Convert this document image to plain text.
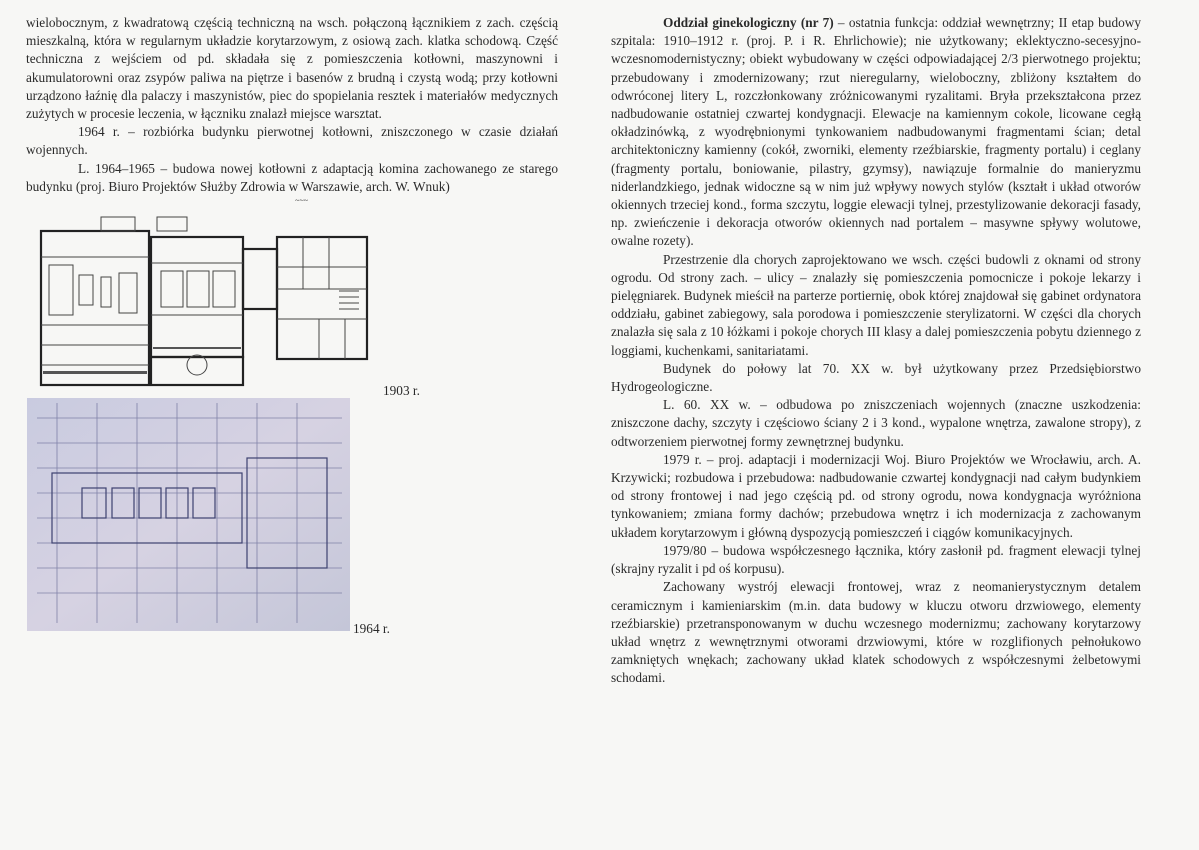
wielobocznym, z kwadratową częścią techniczną na wsch. połączoną łącznikiem z zach. częścią mieszkalną, która w regularnym układzie korytarzowym, z osiową zach. klatka schodową. Część techniczna z wejściem od pd. składała się z pomieszczenia kotłowni, maszynowni i akumulatorowni oraz zsypów paliwa na piętrze i basenów z brudną i czystą wodą; przy kotłowni urządzono łaźnię dla palaczy i maszynistów, piec do spopielania resztek i materiałów medycznych zużytych w procesie leczenia, w łączniku znalazł miejsce warsztat.

1964 r. – rozbiórka budynku pierwotnej kotłowni, zniszczonego w czasie działań wojennych.

L. 1964–1965 – budowa nowej kotłowni z adaptacją komina zachowanego ze starego budynku (proj. Biuro Projektów Służby Zdrowia w Warszawie, arch. W. Wnuk)

~~~
1903 r.
1964 r.

Oddział ginekologiczny (nr 7) – ostatnia funkcja: oddział wewnętrzny; II etap budowy szpitala: 1910–1912 r. (proj. P. i R. Ehrlichowie); nie użytkowany; eklektyczno-secesyjno-wczesnomodernistyczny; obiekt wybudowany w części odpowiadającej 2/3 pierwotnego projektu; przebudowany i zmodernizowany; rzut nieregularny, wieloboczny, zbliżony kształtem do odwróconej litery L, rozczłonkowany zróżnicowanymi ryzalitami. Bryła przekształcona przez nadbudowanie ostatniej czwartej kondygnacji. Elewacje na kamiennym cokole, licowane cegłą okładzinówką, z wyodrębnionymi tynkowaniem nadbudowanymi fragmentami ścian; detal architektoniczny kamienny (cokół, zworniki, elementy rzeźbiarskie, fragmenty portalu) i ceglany (fragmenty portalu, boniowanie, pilastry, gzymsy), nawiązuje formalnie do manieryzmu niderlandzkiego, jednak widoczne są w nim już wpływy nowych stylów (kształt i układ otworów okiennych trzeciej kond., forma szczytu, loggie elewacji tylnej, przestylizowanie dekoracji fasady, np. zwieńczenie i dekoracja otworów okiennych nad portalem – masywne spływy wolutowe, owalne rozety).

Przestrzenie dla chorych zaprojektowano we wsch. części budowli z oknami od strony ogrodu. Od strony zach. – ulicy – znalazły się pomieszczenia pomocnicze i pokoje lekarzy i pielęgniarek. Budynek mieścił na parterze portiernię, obok której znajdował się gabinet ordynatora oddziału, gabinet zabiegowy, sala porodowa i pomieszczenie sterylizatorni. W części dla chorych znalazła się sala z 10 łóżkami i pokoje chorych III klasy a dalej pomieszczenia pobytu dziennego z loggiami, kuchenkami, sanitariatami.

Budynek do połowy lat 70. XX w. był użytkowany przez Przedsiębiorstwo Hydrogeologiczne.

L. 60. XX w. – odbudowa po zniszczeniach wojennych (znaczne uszkodzenia: zniszczone dachy, szczyty i częściowo ściany 2 i 3 kond., wypalone wnętrza, zawalone stropy), z odtworzeniem pierwotnej formy zewnętrznej budynku.

1979 r. – proj. adaptacji i modernizacji Woj. Biuro Projektów we Wrocławiu, arch. A. Krzywicki; rozbudowa i przebudowa: nadbudowanie czwartej kondygnacji nad całym budynkiem od strony frontowej i nad jego częścią pd. od strony ogrodu, nowa kondygnacja wyróżniona tynkowaniem; zmiana formy dachów; przebudowa wnętrz i ich modernizacja z zachowanym układem korytarzowym i główną dyspozycją pomieszczeń i ciągów komunikacyjnych.

1979/80 – budowa współczesnego łącznika, który zasłonił pd. fragment elewacji tylnej (skrajny ryzalit i pd oś korpusu).

Zachowany wystrój elewacji frontowej, wraz z neomanierystycznym detalem ceramicznym i kamieniarskim (m.in. data budowy w kluczu otworu drzwiowego, elementy rzeźbiarskie) przetransponowanym w duchu wczesnego modernizmu; zachowany korytarzowy układ wnętrz z wewnętrznymi otworami drzwiowymi, które w rozglifionych pełnołukowo zamkniętych wnękach; zachowany układ klatek schodowych z współczesnymi żelbetowymi schodami.
